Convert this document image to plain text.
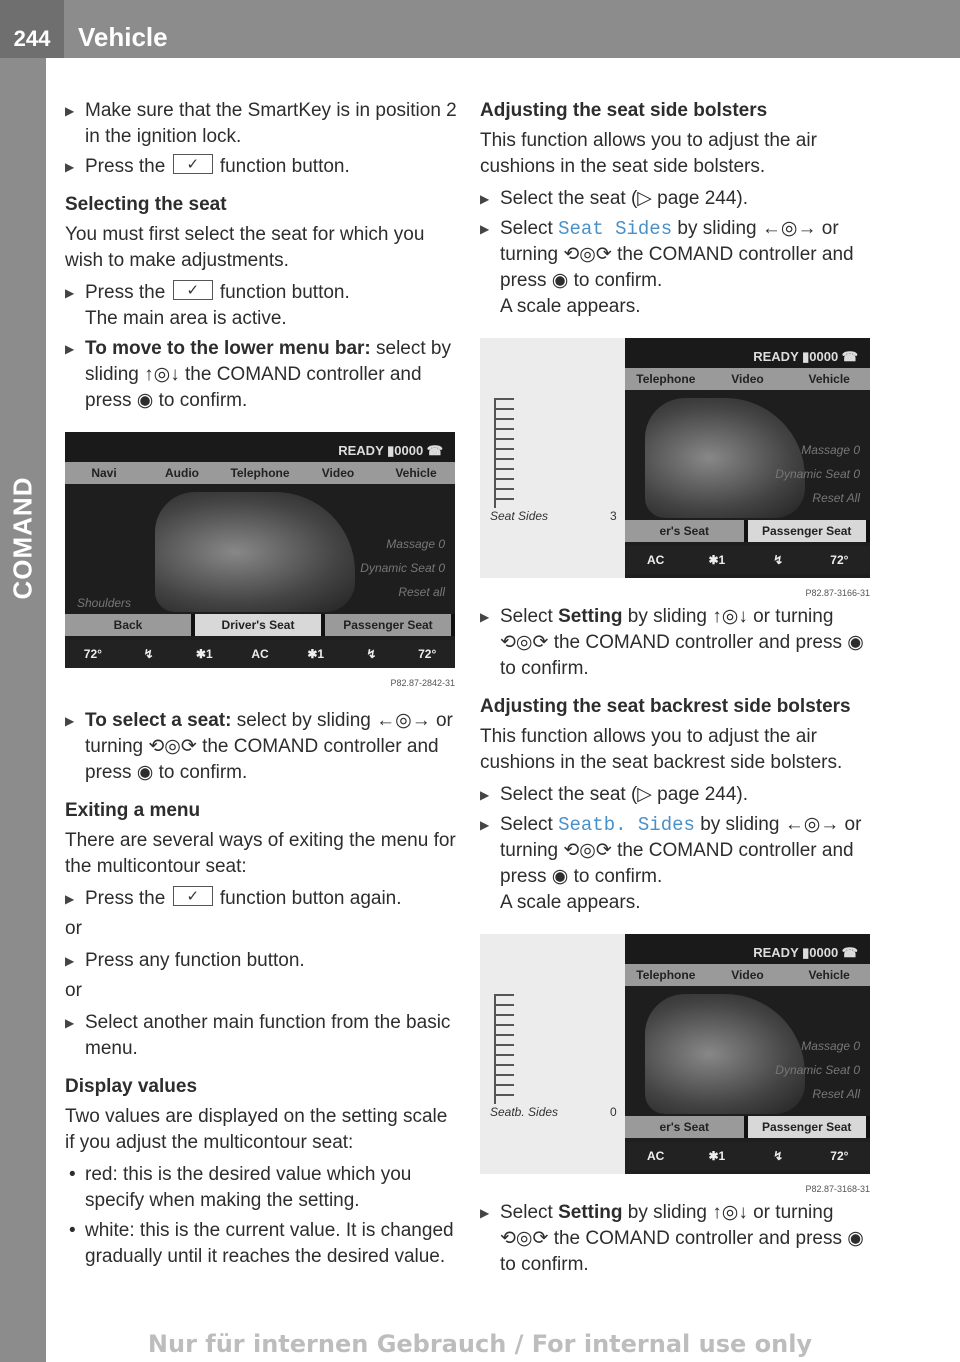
244	Vehicle
COMAND
▶ Make sure that the SmartKey is in position 2 in the ignition lock.
▶ Press the ✓	function button.
Selecting the seat
You must first select the seat for which you wish to make adjustments.
▶ Press the ✓	function button.
The main area is active.
▶ To move to the lower menu bar: select by sliding ↑◎↓ the COMAND controller and press ◉ to confirm.
READY ▮0000 ☎
Navi	Audio	Telephone	Video	Vehicle
Massage 0
Dynamic Seat 0
Reset all
Shoulders
Back	Driver's Seat	Passenger Seat
72°	↯	✱1	AC	✱1	↯	72°
P82.87-2842-31
▶ To select a seat: select by sliding ←◎→ or turning ⟲◎⟳ the COMAND controller and press ◉ to confirm.
Exiting a menu
There are several ways of exiting the menu for the multicontour seat:
▶ Press the ✓	function button again.
or
▶ Press any function button.
or
▶ Select another main function from the basic menu.
Display values
Two values are displayed on the setting scale if you adjust the multicontour seat:
• red: this is the desired value which you specify when making the setting.
• white: this is the current value. It is changed gradually until it reaches the desired value.
Adjusting the seat side bolsters
This function allows you to adjust the air cushions in the seat side bolsters.
▶ Select the seat (▷ page 244).
▶ Select Seat Sides by sliding ←◎→ or turning ⟲◎⟳ the COMAND controller and press ◉ to confirm.
A scale appears.
Seat Sides	3
READY ▮0000 ☎
Telephone	Video	Vehicle
Massage 0
Dynamic Seat 0
Reset All
er's Seat	Passenger Seat
AC	✱1	↯	72°
P82.87-3166-31
▶ Select Setting by sliding ↑◎↓ or turning ⟲◎⟳ the COMAND controller and press ◉ to confirm.
Adjusting the seat backrest side bolsters
This function allows you to adjust the air cushions in the seat backrest side bolsters.
▶ Select the seat (▷ page 244).
▶ Select Seatb. Sides by sliding ←◎→ or turning ⟲◎⟳ the COMAND controller and press ◉ to confirm.
A scale appears.
Seatb. Sides	0
READY ▮0000 ☎
Telephone	Video	Vehicle
Massage 0
Dynamic Seat 0
Reset All
er's Seat	Passenger Seat
AC	✱1	↯	72°
P82.87-3168-31
▶ Select Setting by sliding ↑◎↓ or turning ⟲◎⟳ the COMAND controller and press ◉ to confirm.
Nur für internen Gebrauch / For internal use only
